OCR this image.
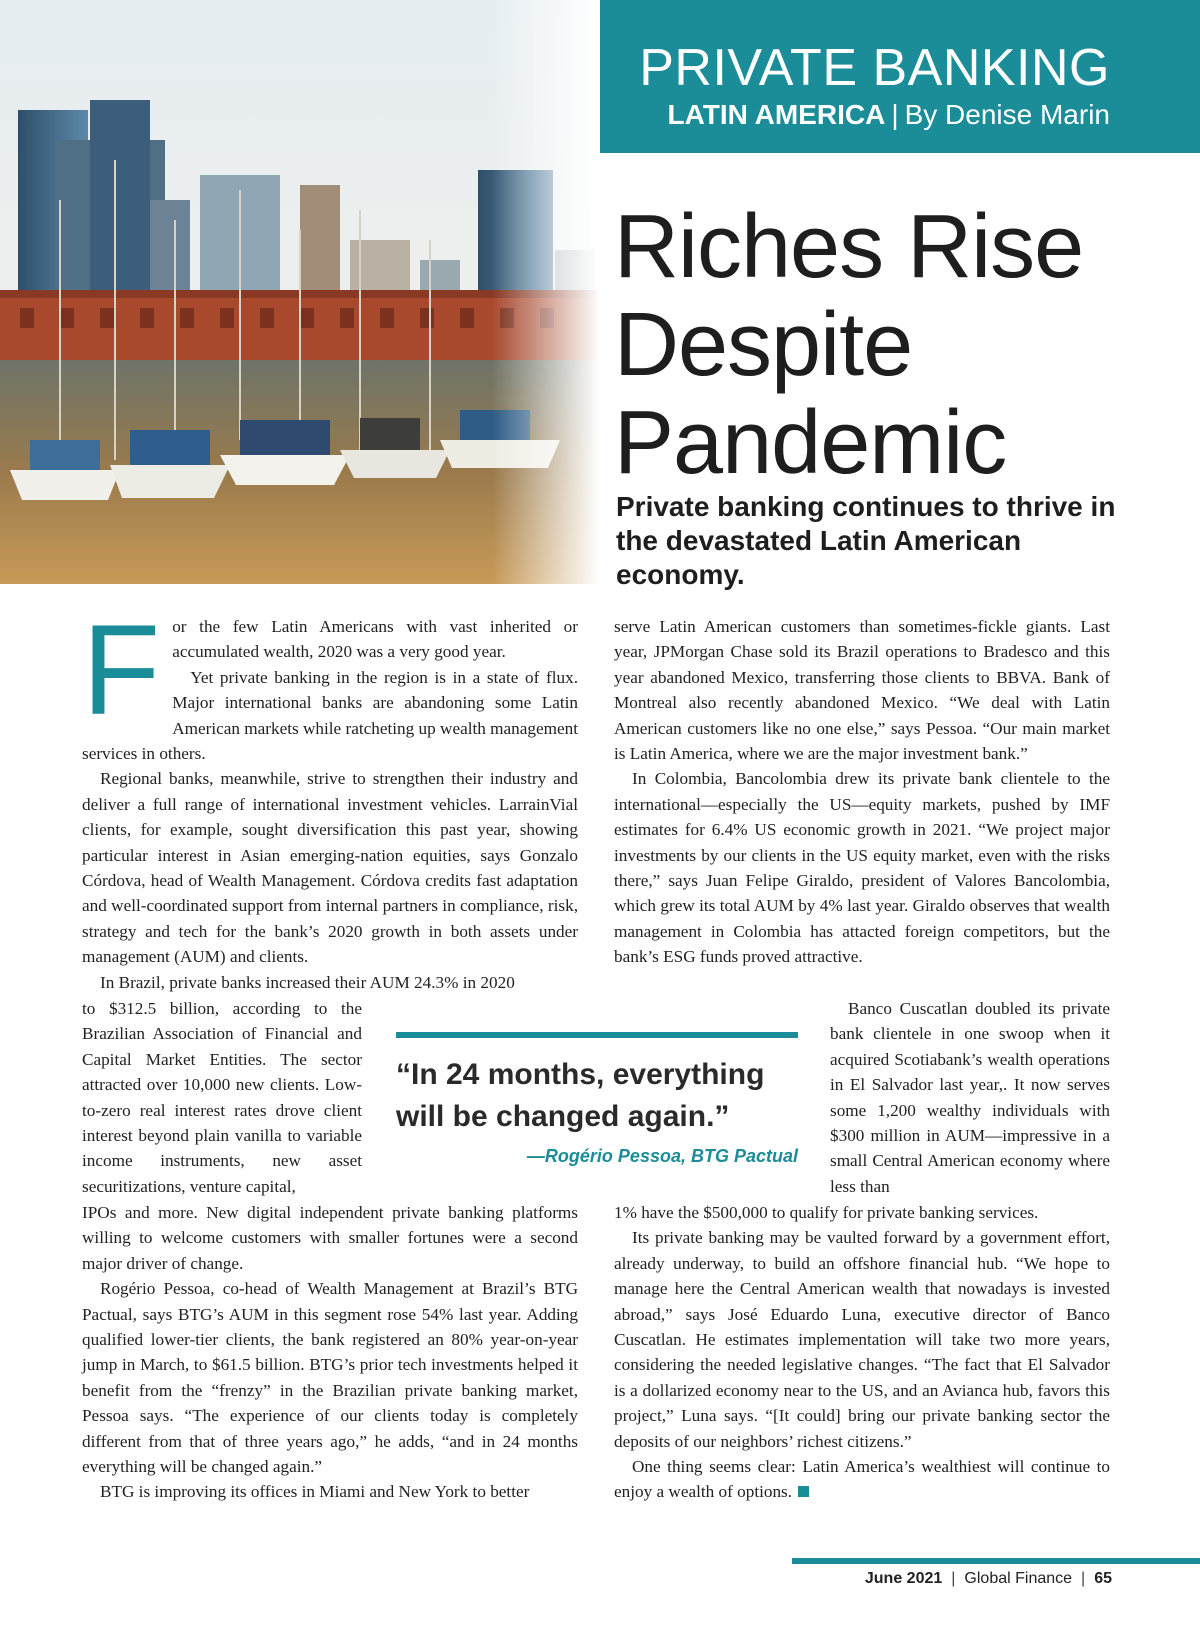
PRIVATE BANKING
LATIN AMERICA | By Denise Marin
Riches Rise Despite Pandemic

Private banking continues to thrive in the devastated Latin American economy.

F or the few Latin Americans with vast inherited or accumulated wealth, 2020 was a very good year.

Yet private banking in the region is in a state of flux. Major international banks are abandoning some Latin American markets while ratcheting up wealth management services in others.

Regional banks, meanwhile, strive to strengthen their industry and deliver a full range of international investment vehicles. LarrainVial clients, for example, sought diversification this past year, showing particular interest in Asian emerging-nation equities, says Gonzalo Córdova, head of Wealth Management. Córdova credits fast adaptation and well-coordinated support from internal partners in compliance, risk, strategy and tech for the bank’s 2020 growth in both assets under management (AUM) and clients.

In Brazil, private banks increased their AUM 24.3% in 2020

to $312.5 billion, according to the Brazilian Association of Financial and Capital Market Entities. The sector attracted over 10,000 new clients. Low-to-zero real interest rates drove client interest beyond plain vanilla to variable income instruments, new asset securitizations, venture capital,

IPOs and more. New digital independent private banking platforms willing to welcome customers with smaller fortunes were a second major driver of change.

Rogério Pessoa, co-head of Wealth Management at Brazil’s BTG Pactual, says BTG’s AUM in this segment rose 54% last year. Adding qualified lower-tier clients, the bank registered an 80% year-on-year jump in March, to $61.5 billion. BTG’s prior tech investments helped it benefit from the “frenzy” in the Brazilian private banking market, Pessoa says. “The experience of our clients today is completely different from that of three years ago,” he adds, “and in 24 months everything will be changed again.”

BTG is improving its offices in Miami and New York to better

serve Latin American customers than sometimes-fickle giants. Last year, JPMorgan Chase sold its Brazil operations to Bradesco and this year abandoned Mexico, transferring those clients to BBVA. Bank of Montreal also recently abandoned Mexico. “We deal with Latin American customers like no one else,” says Pessoa. “Our main market is Latin America, where we are the major investment bank.”

In Colombia, Bancolombia drew its private bank clientele to the international—especially the US—equity markets, pushed by IMF estimates for 6.4% US economic growth in 2021. “We project major investments by our clients in the US equity market, even with the risks there,” says Juan Felipe Giraldo, president of Valores Bancolombia, which grew its total AUM by 4% last year. Giraldo observes that wealth management in Colombia has attacted foreign competitors, but the bank’s ESG funds proved attractive.

Banco Cuscatlan doubled its private bank clientele in one swoop when it acquired Scotiabank’s wealth operations in El Salvador last year,. It now serves some 1,200 wealthy individuals with $300 million in AUM—impressive in a small Central American economy where less than

1% have the $500,000 to qualify for private banking services.

Its private banking may be vaulted forward by a government effort, already underway, to build an offshore financial hub. “We hope to manage here the Central American wealth that nowadays is invested abroad,” says José Eduardo Luna, executive director of Banco Cuscatlan. He estimates implementation will take two more years, considering the needed legislative changes. “The fact that El Salvador is a dollarized economy near to the US, and an Avianca hub, favors this project,” Luna says. “[It could] bring our private banking sector the deposits of our neighbors’ richest citizens.”

One thing seems clear: Latin America’s wealthiest will continue to enjoy a wealth of options.

“In 24 months, everything will be changed again.”

—Rogério Pessoa, BTG Pactual
June 2021 | Global Finance | 65
